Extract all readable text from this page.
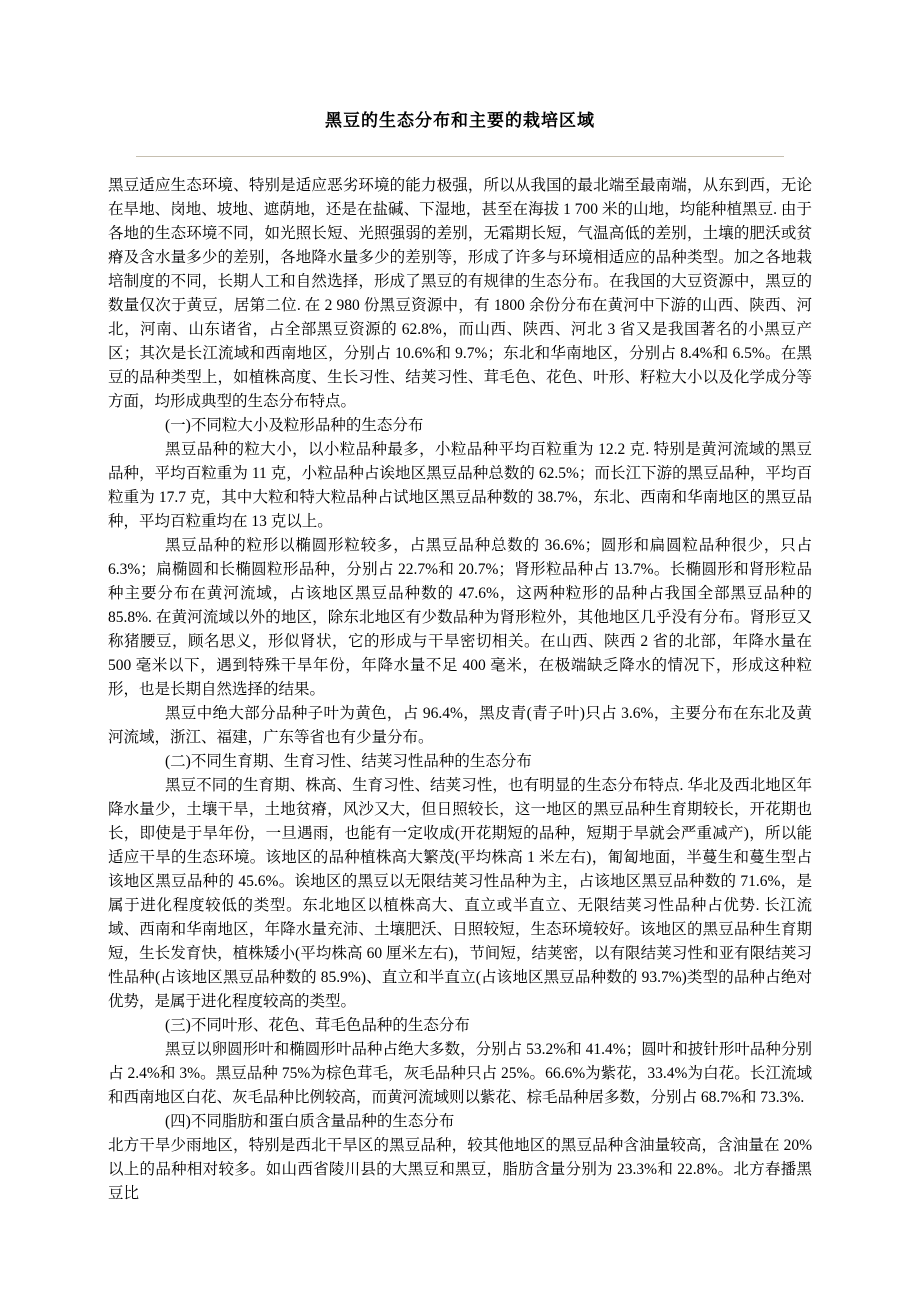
黑豆的生态分布和主要的栽培区域

黑豆适应生态环境、特别是适应恶劣环境的能力极强，所以从我国的最北端至最南端，从东到西，无论在旱地、岗地、坡地、遮荫地，还是在盐碱、下湿地，甚至在海拔 1 700 米的山地，均能种植黑豆. 由于各地的生态环境不同，如光照长短、光照强弱的差别，无霜期长短，气温高低的差别，土壤的肥沃或贫瘠及含水量多少的差别，各地降水量多少的差别等，形成了许多与环境相适应的品种类型。加之各地栽培制度的不同，长期人工和自然选择，形成了黑豆的有规律的生态分布。在我国的大豆资源中，黑豆的数量仅次于黄豆，居第二位. 在 2 980 份黑豆资源中，有 1800 余份分布在黄河中下游的山西、陕西、河北，河南、山东诸省，占全部黑豆资源的 62.8%，而山西、陕西、河北 3 省又是我国著名的小黑豆产区；其次是长江流域和西南地区，分别占 10.6%和 9.7%；东北和华南地区，分别占 8.4%和 6.5%。在黑豆的品种类型上，如植株高度、生长习性、结荚习性、茸毛色、花色、叶形、籽粒大小以及化学成分等方面，均形成典型的生态分布特点。

(一)不同粒大小及粒形品种的生态分布

黑豆品种的粒大小，以小粒品种最多，小粒品种平均百粒重为 12.2 克. 特别是黄河流域的黑豆品种，平均百粒重为 11 克，小粒品种占诶地区黑豆品种总数的 62.5%；而长江下游的黑豆品种，平均百粒重为 17.7 克，其中大粒和特大粒品种占试地区黑豆品种数的 38.7%，东北、西南和华南地区的黑豆品种，平均百粒重均在 13 克以上。

黑豆品种的粒形以椭圆形粒较多，占黑豆品种总数的 36.6%；圆形和扁圆粒品种很少，只占 6.3%；扁椭圆和长椭圆粒形品种，分别占 22.7%和 20.7%；肾形粒品种占 13.7%。长椭圆形和肾形粒品种主要分布在黄河流域，占该地区黑豆品种数的 47.6%，这两种粒形的品种占我国全部黑豆品种的 85.8%. 在黄河流域以外的地区，除东北地区有少数品种为肾形粒外，其他地区几乎没有分布。肾形豆又称猪腰豆，顾名思义，形似肾状，它的形成与干旱密切相关。在山西、陕西 2 省的北部，年降水量在 500 毫米以下，遇到特殊干旱年份，年降水量不足 400 毫米，在极端缺乏降水的情况下，形成这种粒形，也是长期自然选择的结果。

黑豆中绝大部分品种子叶为黄色，占 96.4%，黑皮青(青子叶)只占 3.6%，主要分布在东北及黄河流域，浙江、福建，广东等省也有少量分布。

(二)不同生育期、生育习性、结荚习性品种的生态分布

黑豆不同的生育期、株高、生育习性、结荚习性，也有明显的生态分布特点. 华北及西北地区年降水量少，土壤干旱，土地贫瘠，风沙又大，但日照较长，这一地区的黑豆品种生育期较长，开花期也长，即使是于旱年份，一旦遇雨，也能有一定收成(开花期短的品种，短期于旱就会严重减产)，所以能适应干旱的生态环境。该地区的品种植株高大繁茂(平均株高 1 米左右)，匍匐地面，半蔓生和蔓生型占该地区黑豆品种的 45.6%。诶地区的黑豆以无限结荚习性品种为主，占该地区黑豆品种数的 71.6%，是属于进化程度较低的类型。东北地区以植株高大、直立或半直立、无限结荚习性品种占优势. 长江流域、西南和华南地区，年降水量充沛、土壤肥沃、日照较短，生态环境较好。该地区的黑豆品种生育期短，生长发育快，植株矮小(平均株高 60 厘米左右)，节间短，结荚密，以有限结荚习性和亚有限结荚习性品种(占该地区黑豆品种数的 85.9%)、直立和半直立(占该地区黑豆品种数的 93.7%)类型的品种占绝对优势，是属于进化程度较高的类型。

(三)不同叶形、花色、茸毛色品种的生态分布

黑豆以卵圆形叶和椭圆形叶品种占绝大多数，分别占 53.2%和 41.4%；圆叶和披针形叶品种分别占 2.4%和 3%。黑豆品种 75%为棕色茸毛，灰毛品种只占 25%。66.6%为紫花，33.4%为白花。长江流域和西南地区白花、灰毛品种比例较高，而黄河流域则以紫花、棕毛品种居多数，分别占 68.7%和 73.3%.

(四)不同脂肪和蛋白质含量品种的生态分布

北方干旱少雨地区，特别是西北干旱区的黑豆品种，较其他地区的黑豆品种含油量较高，含油量在 20%以上的品种相对较多。如山西省陵川县的大黑豆和黑豆，脂肪含量分别为 23.3%和 22.8%。北方春播黑豆比
